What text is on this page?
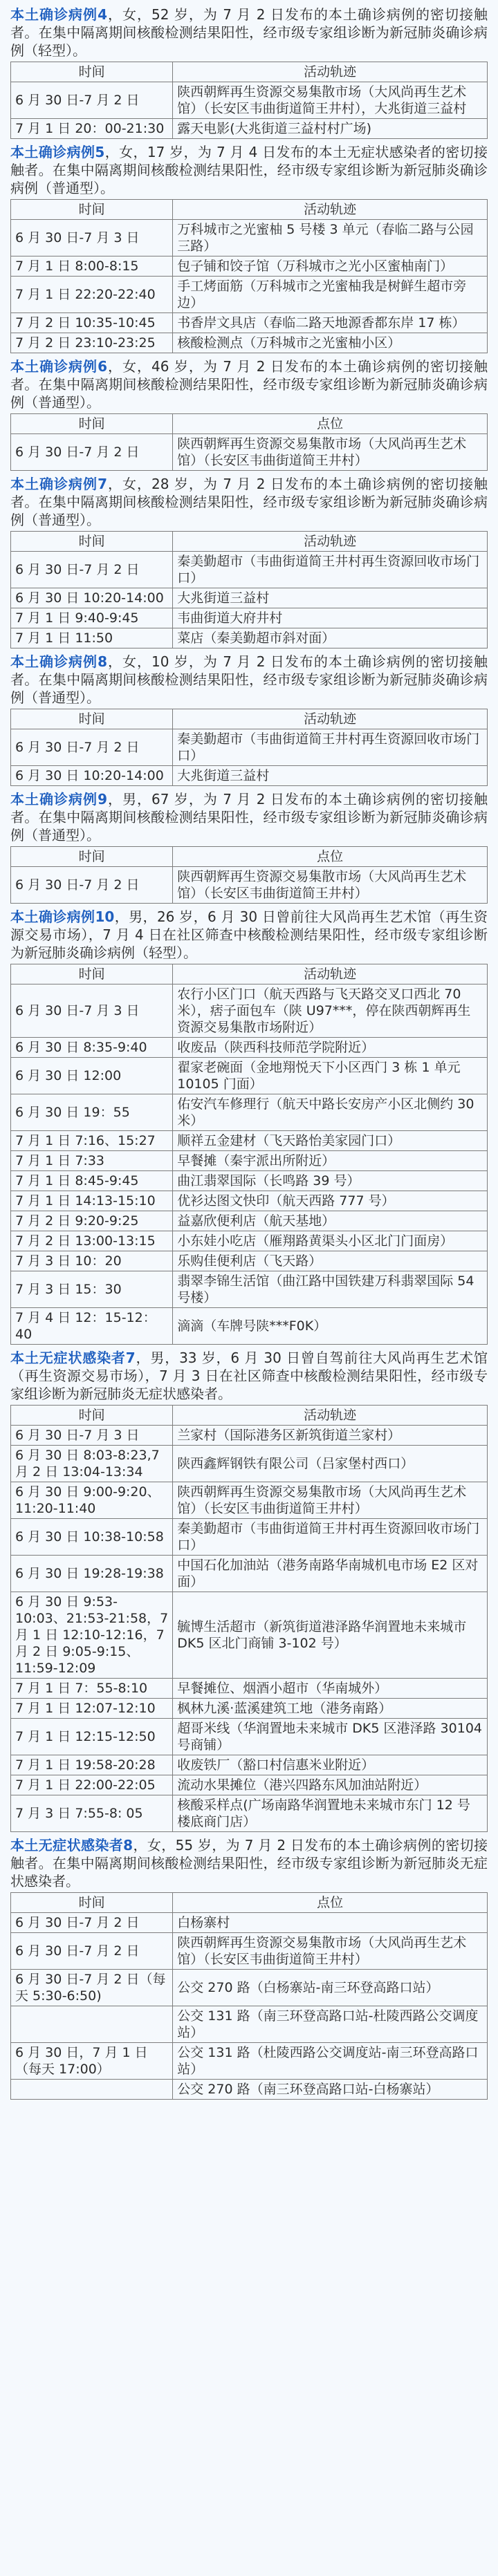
本土确诊病例4，女，52 岁，为 7 月 2 日发布的本土确诊病例的密切接触者。在集中隔离期间核酸检测结果阳性，经市级专家组诊断为新冠肺炎确诊病例（轻型）。

时间	活动轨迹
6 月 30 日-7 月 2 日	陕西朝辉再生资源交易集散市场（大风尚再生艺术馆）（长安区韦曲街道简王井村），大兆街道三益村
7 月 1 日 20：00-21:30	露天电影(大兆街道三益村村广场)

本土确诊病例5，女，17 岁，为 7 月 4 日发布的本土无症状感染者的密切接触者。在集中隔离期间核酸检测结果阳性，经市级专家组诊断为新冠肺炎确诊病例（普通型）。

时间	活动轨迹
6 月 30 日-7 月 3 日	万科城市之光蜜柚 5 号楼 3 单元（春临二路与公园三路）
7 月 1 日 8:00-8:15	包子铺和饺子馆（万科城市之光小区蜜柚南门）
7 月 1 日 22:20-22:40	手工烤面筋（万科城市之光蜜柚我是树鲜生超市旁边）
7 月 2 日 10:35-10:45	书香岸文具店（春临二路天地源香都东岸 17 栋）
7 月 2 日 23:10-23:25	核酸检测点（万科城市之光蜜柚小区）

本土确诊病例6，女，46 岁，为 7 月 2 日发布的本土确诊病例的密切接触者。在集中隔离期间核酸检测结果阳性，经市级专家组诊断为新冠肺炎确诊病例（普通型）。

时间	点位
6 月 30 日-7 月 2 日	陕西朝辉再生资源交易集散市场（大风尚再生艺术馆）（长安区韦曲街道简王井村）

本土确诊病例7，女，28 岁，为 7 月 2 日发布的本土确诊病例的密切接触者。在集中隔离期间核酸检测结果阳性，经市级专家组诊断为新冠肺炎确诊病例（普通型）。

时间	活动轨迹
6 月 30 日-7 月 2 日	秦美勤超市（韦曲街道简王井村再生资源回收市场门口）
6 月 30 日 10:20-14:00	大兆街道三益村
7 月 1 日 9:40-9:45	韦曲街道大府井村
7 月 1 日 11:50	菜店（秦美勤超市斜对面）

本土确诊病例8，女，10 岁，为 7 月 2 日发布的本土确诊病例的密切接触者。在集中隔离期间核酸检测结果阳性，经市级专家组诊断为新冠肺炎确诊病例（普通型）。

时间	活动轨迹
6 月 30 日-7 月 2 日	秦美勤超市（韦曲街道简王井村再生资源回收市场门口）
6 月 30 日 10:20-14:00	大兆街道三益村

本土确诊病例9，男，67 岁，为 7 月 2 日发布的本土确诊病例的密切接触者。在集中隔离期间核酸检测结果阳性，经市级专家组诊断为新冠肺炎确诊病例（普通型）。

时间	点位
6 月 30 日-7 月 2 日	陕西朝辉再生资源交易集散市场（大风尚再生艺术馆）（长安区韦曲街道简王井村）

本土确诊病例10，男，26 岁，6 月 30 日曾前往大风尚再生艺术馆（再生资源交易市场），7 月 4 日在社区筛查中核酸检测结果阳性，经市级专家组诊断为新冠肺炎确诊病例（轻型）。

时间	活动轨迹
6 月 30 日-7 月 3 日	农行小区门口（航天西路与飞天路交叉口西北 70 米），痞子面包车（陕 U97***，停在陕西朝辉再生资源交易集散市场附近）
6 月 30 日 8:35-9:40	收废品（陕西科技师范学院附近）
6 月 30 日 12:00	翟家老碗面（金地翔悦天下小区西门 3 栋 1 单元 10105 门面）
6 月 30 日 19：55	佑安汽车修理行（航天中路长安房产小区北侧约 30 米）
7 月 1 日 7:16、15:27	顺祥五金建材（飞天路怡美家园门口）
7 月 1 日 7:33	早餐摊（秦宇派出所附近）
7 月 1 日 8:45-9:45	曲江翡翠国际（长鸣路 39 号）
7 月 1 日 14:13-15:10	优衫达图文快印（航天西路 777 号）
7 月 2 日 9:20-9:25	益嘉欣便利店（航天基地）
7 月 2 日 13:00-13:15	小东娃小吃店（雁翔路黄渠头小区北门门面房）
7 月 3 日 10：20	乐购佳便利店（飞天路）
7 月 3 日 15：30	翡翠李锦生活馆（曲江路中国铁建万科翡翠国际 54 号楼）
7 月 4 日 12：15-12：40	滴滴（车牌号陕***F0K）

本土无症状感染者7，男，33 岁，6 月 30 日曾自驾前往大风尚再生艺术馆（再生资源交易市场），7 月 3 日在社区筛查中核酸检测结果阳性，经市级专家组诊断为新冠肺炎无症状感染者。

时间	活动轨迹
6 月 30 日-7 月 3 日	兰家村（国际港务区新筑街道兰家村）
6 月 30 日 8:03-8:23,7 月 2 日 13:04-13:34	陕西鑫辉钢铁有限公司（吕家堡村西口）
6 月 30 日 9:00-9:20、11:20-11:40	陕西朝辉再生资源交易集散市场（大风尚再生艺术馆）（长安区韦曲街道简王井村）
6 月 30 日 10:38-10:58	秦美勤超市（韦曲街道简王井村再生资源回收市场门口）
6 月 30 日 19:28-19:38	中国石化加油站（港务南路华南城机电市场 E2 区对面）
6 月 30 日 9:53-10:03、21:53-21:58，7 月 1 日 12:10-12:16，7 月 2 日 9:05-9:15、11:59-12:09	毓博生活超市（新筑街道港泽路华润置地未来城市 DK5 区北门商铺 3-102 号）
7 月 1 日 7：55-8:10	早餐摊位、烟酒小超市（华南城外）
7 月 1 日 12:07-12:10	枫林九溪·蓝溪建筑工地（港务南路）
7 月 1 日 12:15-12:50	超哥米线（华润置地未来城市 DK5 区港泽路 30104 号商铺）
7 月 1 日 19:58-20:28	收废铁厂（豁口村信惠米业附近）
7 月 1 日 22:00-22:05	流动水果摊位（港兴四路东风加油站附近）
7 月 3 日 7:55-8: 05	核酸采样点(广场南路华润置地未来城市东门 12 号楼底商门店）

本土无症状感染者8，女，55 岁，为 7 月 2 日发布的本土确诊病例的密切接触者。在集中隔离期间核酸检测结果阳性，经市级专家组诊断为新冠肺炎无症状感染者。

时间	点位
6 月 30 日-7 月 2 日	白杨寨村
6 月 30 日-7 月 2 日	陕西朝辉再生资源交易集散市场（大风尚再生艺术馆）（长安区韦曲街道简王井村）
6 月 30 日-7 月 2 日（每天 5:30-6:50)	公交 270 路（白杨寨站-南三环登高路口站）
	公交 131 路（南三环登高路口站-杜陵西路公交调度站）
6 月 30 日，7 月 1 日（每天 17:00）	公交 131 路（杜陵西路公交调度站-南三环登高路口站）
	公交 270 路（南三环登高路口站-白杨寨站）
